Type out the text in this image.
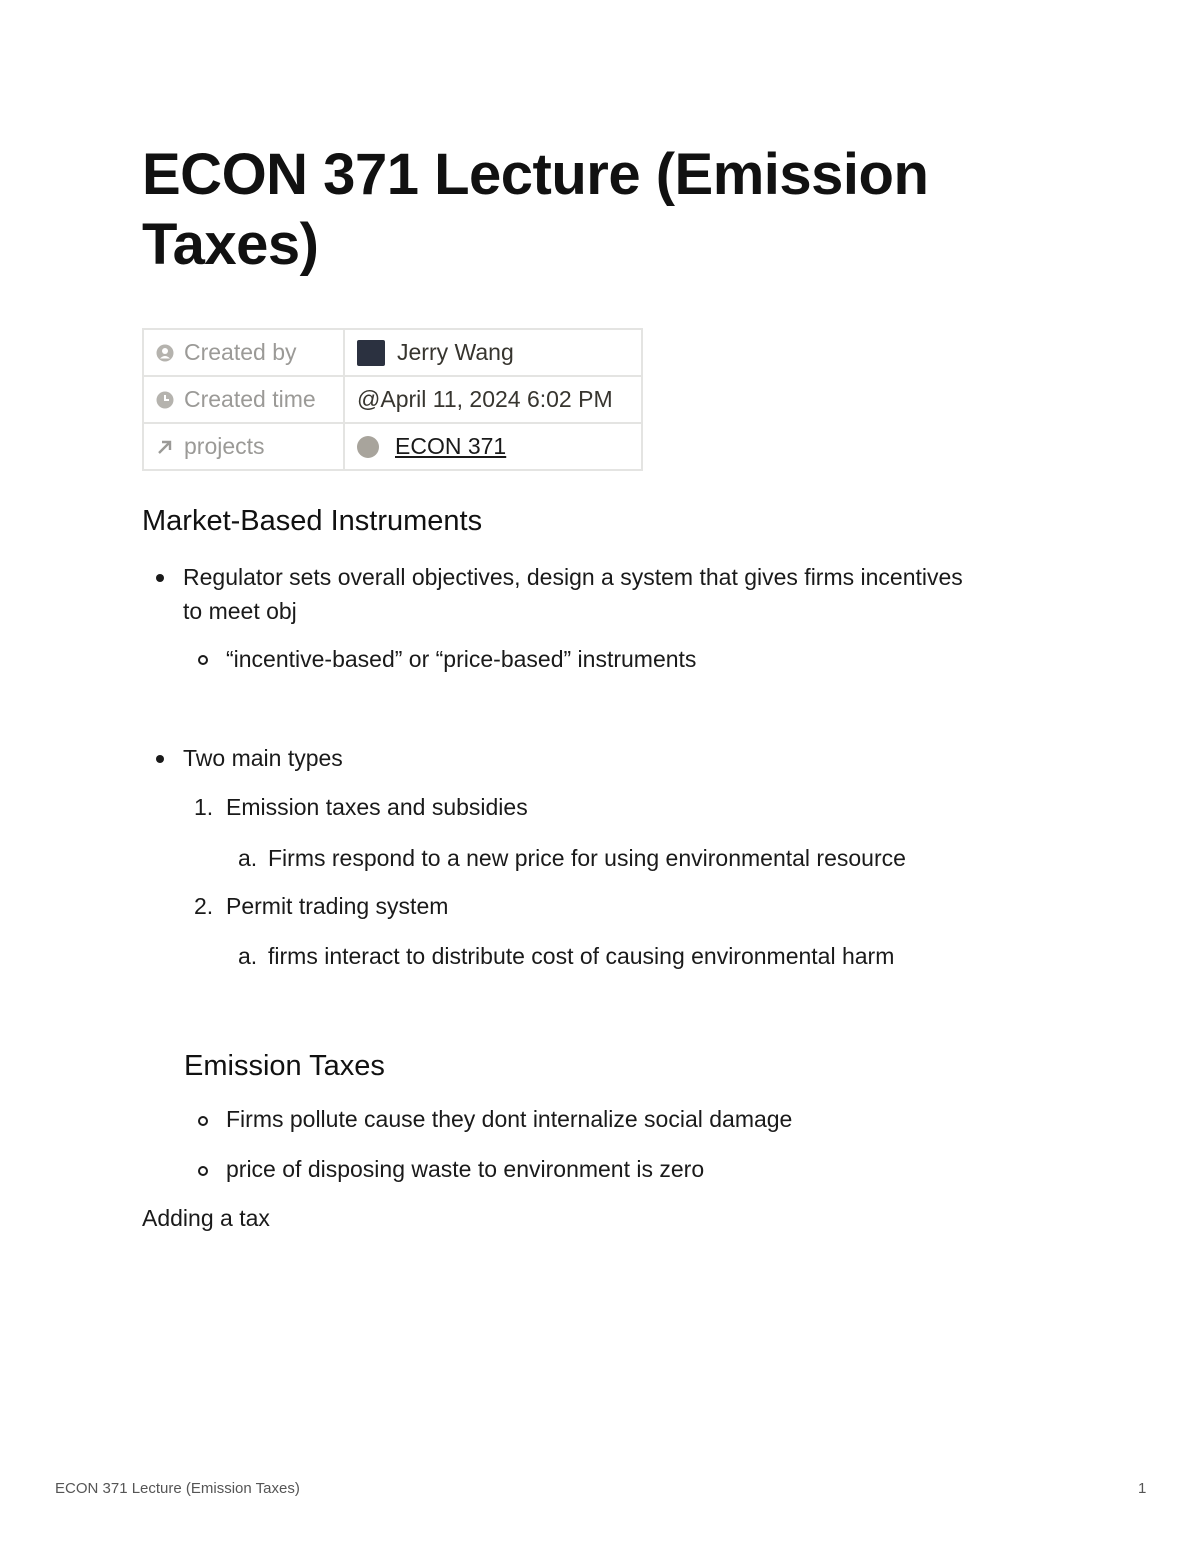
ECON 371 Lecture (Emission Taxes)
Created by	Jerry Wang
Created time	@April 11, 2024 6:02 PM
projects	ECON 371
Market-Based Instruments

Regulator sets overall objectives, design a system that gives firms incentives

to meet obj

“incentive-based” or “price-based” instruments

Two main types

1. Emission taxes and subsidies

a. Firms respond to a new price for using environmental resource

2. Permit trading system

a. firms interact to distribute cost of causing environmental harm

Emission Taxes

Firms pollute cause they dont internalize social damage

price of disposing waste to environment is zero

Adding a tax

ECON 371 Lecture (Emission Taxes)	1
